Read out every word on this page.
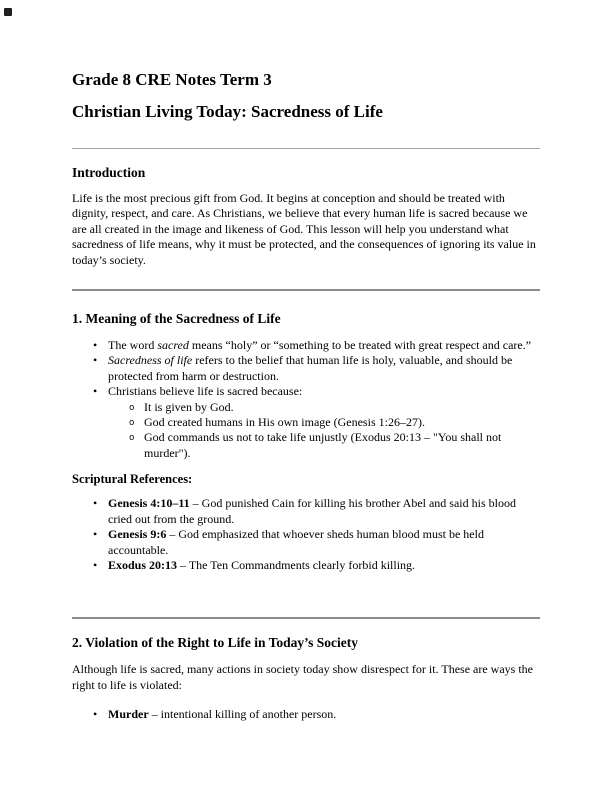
Grade 8 CRE Notes Term 3
Christian Living Today: Sacredness of Life
Introduction

Life is the most precious gift from God. It begins at conception and should be treated with dignity, respect, and care. As Christians, we believe that every human life is sacred because we are all created in the image and likeness of God. This lesson will help you understand what sacredness of life means, why it must be protected, and the consequences of ignoring its value in today’s society.

1. Meaning of the Sacredness of Life
• The word sacred means “holy” or “something to be treated with great respect and care.”
• Sacredness of life refers to the belief that human life is holy, valuable, and should be protected from harm or destruction.
• Christians believe life is sacred because:
o It is given by God.
o God created humans in His own image (Genesis 1:26–27).
o God commands us not to take life unjustly (Exodus 20:13 – "You shall not murder").
Scriptural References:
• Genesis 4:10–11 – God punished Cain for killing his brother Abel and said his blood cried out from the ground.
• Genesis 9:6 – God emphasized that whoever sheds human blood must be held accountable.
• Exodus 20:13 – The Ten Commandments clearly forbid killing.
2. Violation of the Right to Life in Today’s Society

Although life is sacred, many actions in society today show disrespect for it. These are ways the right to life is violated:

• Murder – intentional killing of another person.
